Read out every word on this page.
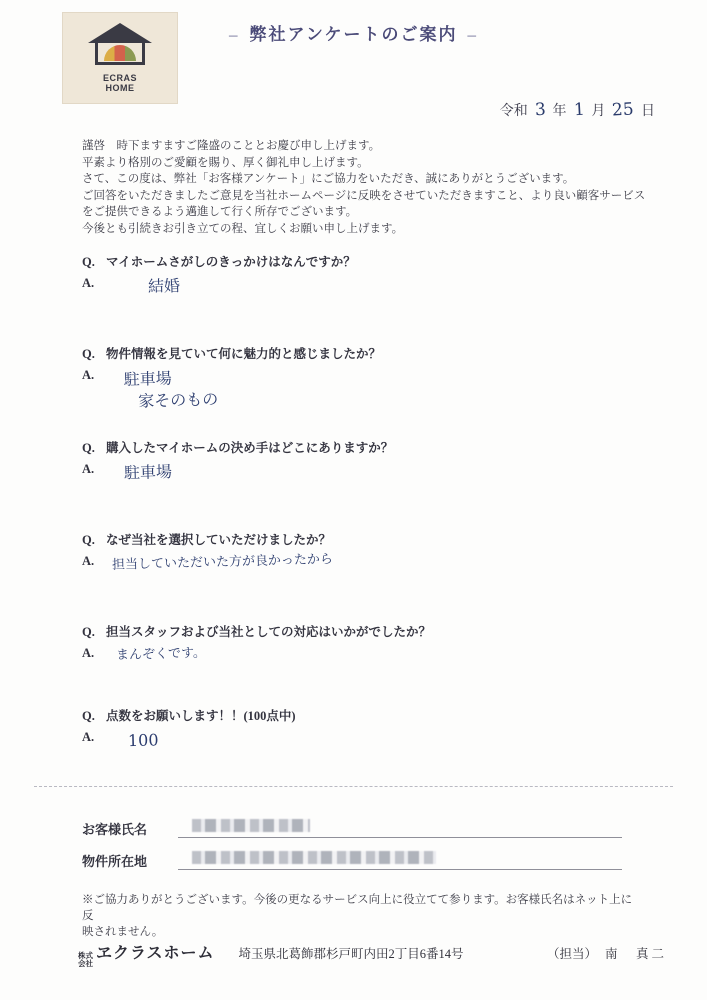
ECRAS
HOME
– 弊社アンケートのご案内 –
令和 3 年 1 月 25 日
謹啓　時下ますますご隆盛のこととお慶び申し上げます。
平素より格別のご愛顧を賜り、厚く御礼申し上げます。
さて、この度は、弊社「お客様アンケート」にご協力をいただき、誠にありがとうございます。
ご回答をいただきましたご意見を当社ホームページに反映をさせていただきますこと、より良い顧客サービス
をご提供できるよう邁進して行く所存でございます。
今後とも引続きお引き立ての程、宜しくお願い申し上げます。
Q. マイホームさがしのきっかけはなんですか？
A.	結婚
Q. 物件情報を見ていて何に魅力的と感じましたか？
A.	駐車場
家そのもの
Q. 購入したマイホームの決め手はどこにありますか？
A.	駐車場
Q. なぜ当社を選択していただけましたか？
A.	担当していただいた方が良かったから
Q. 担当スタッフおよび当社としての対応はいかがでしたか？
A.	まんぞくです。
Q. 点数をお願いします！！(100点中)
A.	100
お客様氏名
物件所在地
※ご協力ありがとうございます。今後の更なるサービス向上に役立てて参ります。お客様氏名はネット上に反
映されません。
株式
会社
ヱクラスホーム 埼玉県北葛飾郡杉戸町内田2丁目6番14号	（担当） 南　真二
